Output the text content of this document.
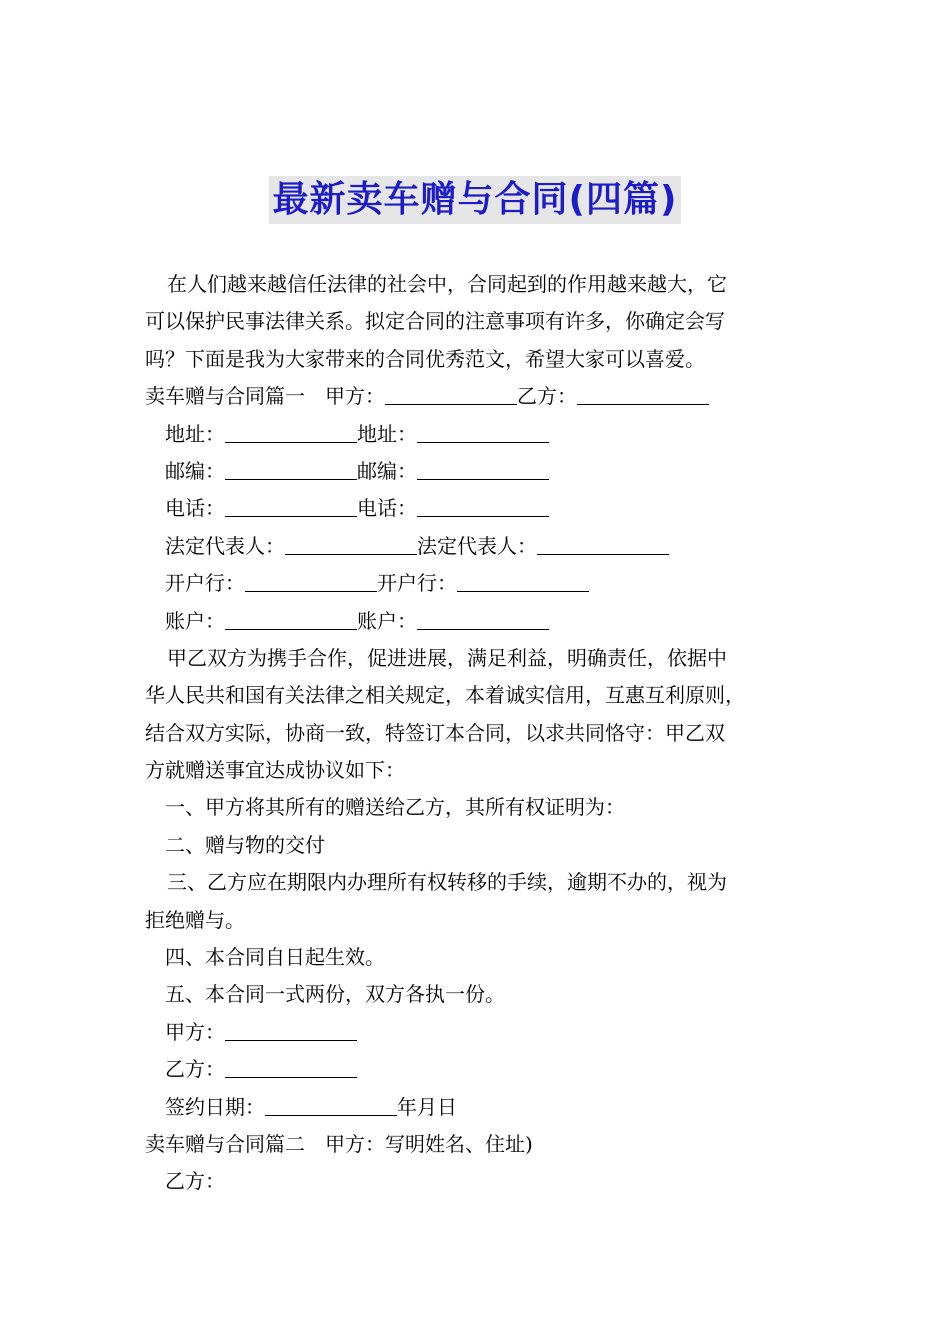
最新卖车赠与合同(四篇)
在人们越来越信任法律的社会中，合同起到的作用越来越大，它
可以保护民事法律关系。拟定合同的注意事项有许多，你确定会写
吗？下面是我为大家带来的合同优秀范文，希望大家可以喜爱。
卖车赠与合同篇一 甲方：	乙方：
地址：	地址：
邮编：	邮编：
电话：	电话：
法定代表人：	法定代表人：
开户行：	开户行：
账户：	账户：
甲乙双方为携手合作，促进进展，满足利益，明确责任，依据中
华人民共和国有关法律之相关规定，本着诚实信用，互惠互利原则，
结合双方实际，协商一致，特签订本合同，以求共同恪守：甲乙双
方就赠送事宜达成协议如下：
一、甲方将其所有的赠送给乙方，其所有权证明为：
二、赠与物的交付
三、乙方应在期限内办理所有权转移的手续，逾期不办的，视为
拒绝赠与。
四、本合同自日起生效。
五、本合同一式两份，双方各执一份。
甲方：
乙方：
签约日期：	年月日
卖车赠与合同篇二 甲方：写明姓名、住址)
乙方：
